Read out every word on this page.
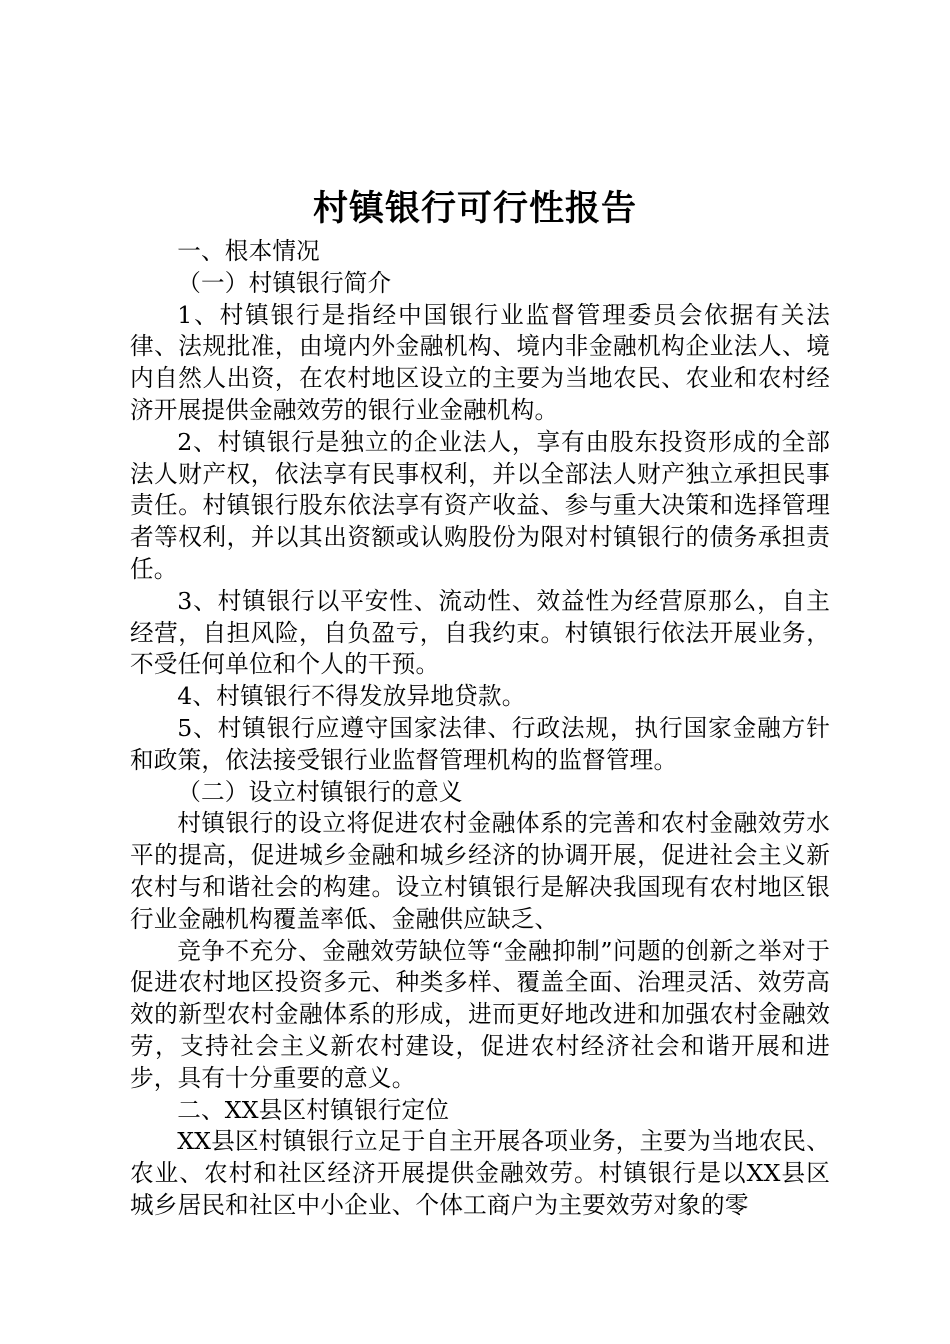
村镇银行可行性报告

一、根本情况

（一）村镇银行简介

1、村镇银行是指经中国银行业监督管理委员会依据有关法律、法规批准，由境内外金融机构、境内非金融机构企业法人、境内自然人出资，在农村地区设立的主要为当地农民、农业和农村经济开展提供金融效劳的银行业金融机构。

2、村镇银行是独立的企业法人，享有由股东投资形成的全部法人财产权，依法享有民事权利，并以全部法人财产独立承担民事责任。村镇银行股东依法享有资产收益、参与重大决策和选择管理者等权利，并以其出资额或认购股份为限对村镇银行的债务承担责任。

3、村镇银行以平安性、流动性、效益性为经营原那么，自主经营，自担风险，自负盈亏，自我约束。村镇银行依法开展业务，不受任何单位和个人的干预。

4、村镇银行不得发放异地贷款。

5、村镇银行应遵守国家法律、行政法规，执行国家金融方针和政策，依法接受银行业监督管理机构的监督管理。

（二）设立村镇银行的意义

村镇银行的设立将促进农村金融体系的完善和农村金融效劳水平的提高，促进城乡金融和城乡经济的协调开展，促进社会主义新农村与和谐社会的构建。设立村镇银行是解决我国现有农村地区银行业金融机构覆盖率低、金融供应缺乏、

竞争不充分、金融效劳缺位等“金融抑制”问题的创新之举对于促进农村地区投资多元、种类多样、覆盖全面、治理灵活、效劳高效的新型农村金融体系的形成，进而更好地改进和加强农村金融效劳，支持社会主义新农村建设，促进农村经济社会和谐开展和进步，具有十分重要的意义。

二、XX县区村镇银行定位

XX县区村镇银行立足于自主开展各项业务，主要为当地农民、农业、农村和社区经济开展提供金融效劳。村镇银行是以XX县区城乡居民和社区中小企业、个体工商户为主要效劳对象的零
